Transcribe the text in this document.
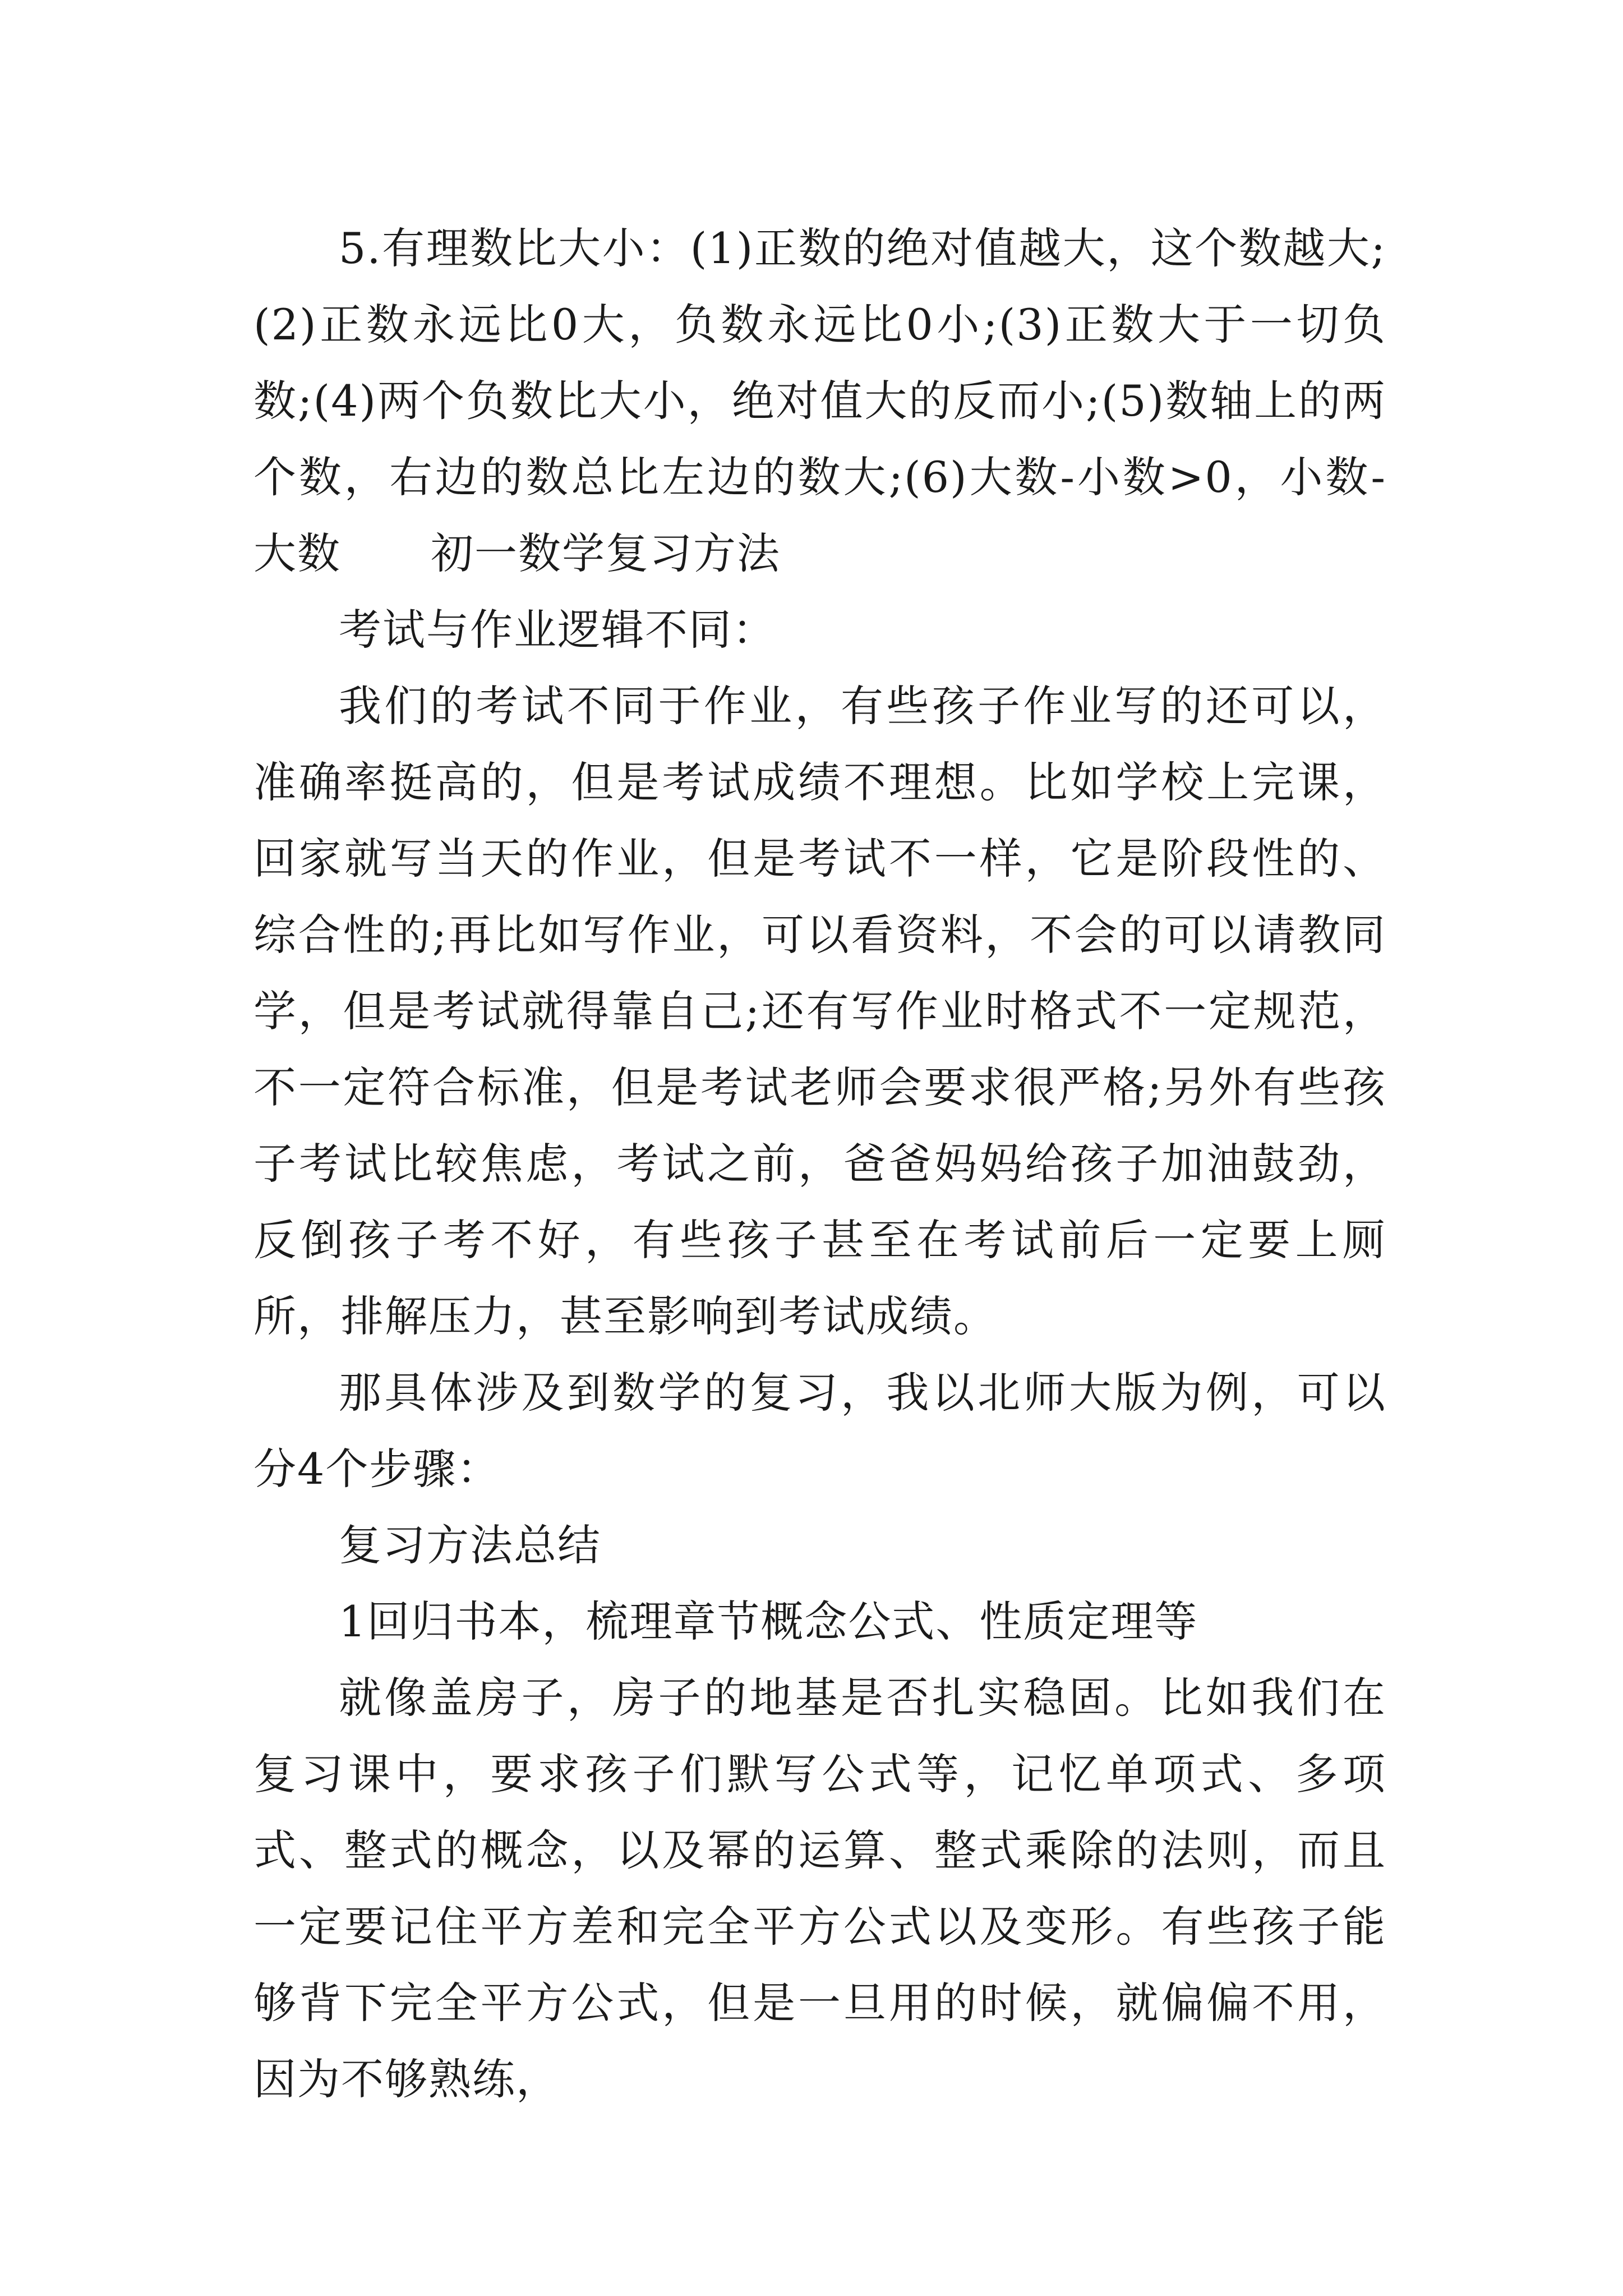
5.有理数比大小：(1)正数的绝对值越大，这个数越大;(2)正数永远比0大，负数永远比0小;(3)正数大于一切负数;(4)两个负数比大小，绝对值大的反而小;(5)数轴上的两个数，右边的数总比左边的数大;(6)大数-小数>0，小数-大数 初一数学复习方法

考试与作业逻辑不同：

我们的考试不同于作业，有些孩子作业写的还可以，准确率挺高的，但是考试成绩不理想。比如学校上完课，回家就写当天的作业，但是考试不一样，它是阶段性的、综合性的;再比如写作业，可以看资料，不会的可以请教同学，但是考试就得靠自己;还有写作业时格式不一定规范，不一定符合标准，但是考试老师会要求很严格;另外有些孩子考试比较焦虑，考试之前，爸爸妈妈给孩子加油鼓劲，反倒孩子考不好，有些孩子甚至在考试前后一定要上厕所，排解压力，甚至影响到考试成绩。

那具体涉及到数学的复习，我以北师大版为例，可以分4个步骤：

复习方法总结

1回归书本，梳理章节概念公式、性质定理等

就像盖房子，房子的地基是否扎实稳固。比如我们在复习课中，要求孩子们默写公式等，记忆单项式、多项式、整式的概念，以及幂的运算、整式乘除的法则，而且一定要记住平方差和完全平方公式以及变形。有些孩子能够背下完全平方公式，但是一旦用的时候，就偏偏不用，因为不够熟练，
